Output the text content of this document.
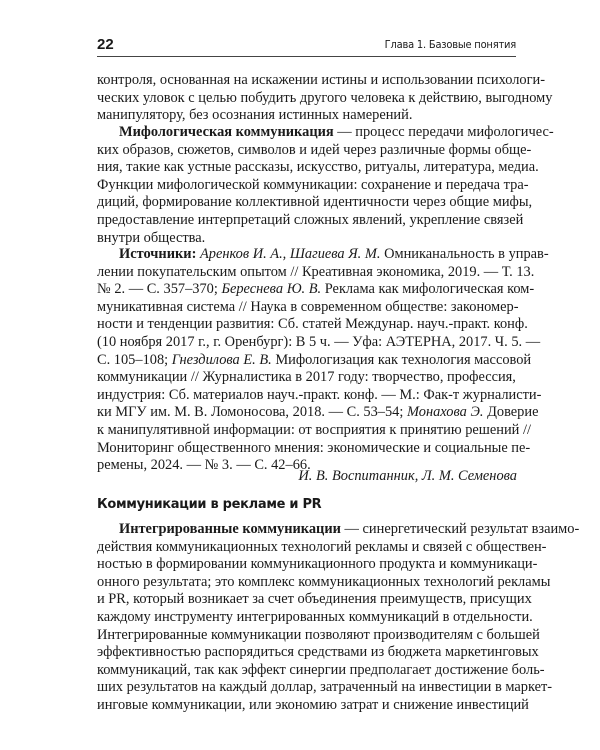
22	Глава 1. Базовые понятия
контроля, основанная на искажении истины и использовании психологи-
ческих уловок с целью побудить другого человека к действию, выгодному
манипулятору, без осознания истинных намерений.
Мифологическая коммуникация — процесс передачи мифологичес-
ких образов, сюжетов, символов и идей через различные формы обще-
ния, такие как устные рассказы, искусство, ритуалы, литература, медиа.
Функции мифологической коммуникации: сохранение и передача тра-
диций, формирование коллективной идентичности через общие мифы,
предоставление интерпретаций сложных явлений, укрепление связей
внутри общества.
Источники: Аренков И. А., Шагиева Я. М. Омниканальность в управ-
лении покупательским опытом // Креативная экономика, 2019. — Т. 13.
№ 2. — С. 357–370; Бересневa Ю. В. Реклама как мифологическая ком-
муникативная система // Наука в современном обществе: закономер-
ности и тенденции развития: Сб. статей Междунар. науч.-практ. конф.
(10 ноября 2017 г., г. Оренбург): В 5 ч. — Уфа: АЭТЕРНА, 2017. Ч. 5. —
С. 105–108; Гнездилова Е. В. Мифологизация как технология массовой
коммуникации // Журналистика в 2017 году: творчество, профессия,
индустрия: Сб. материалов науч.-практ. конф. — М.: Фак-т журналисти-
ки МГУ им. М. В. Ломоносова, 2018. — С. 53–54; Монахова Э. Доверие
к манипулятивной информации: от восприятия к принятию решений //
Мониторинг общественного мнения: экономические и социальные пе-
ремены, 2024. — № 3. — С. 42–66.
И. В. Воспитанник, Л. М. Семенова
Коммуникации в рекламе и PR
Интегрированные коммуникации — синергетический результат взаимо-
действия коммуникационных технологий рекламы и связей с обществен-
ностью в формировании коммуникационного продукта и коммуникаци-
онного результата; это комплекс коммуникационных технологий рекламы
и PR, который возникает за счет объединения преимуществ, присущих
каждому инструменту интегрированных коммуникаций в отдельности.
Интегрированные коммуникации позволяют производителям с большей
эффективностью распорядиться средствами из бюджета маркетинговых
коммуникаций, так как эффект синергии предполагает достижение боль-
ших результатов на каждый доллар, затраченный на инвестиции в маркет-
инговые коммуникации, или экономию затрат и снижение инвестиций
